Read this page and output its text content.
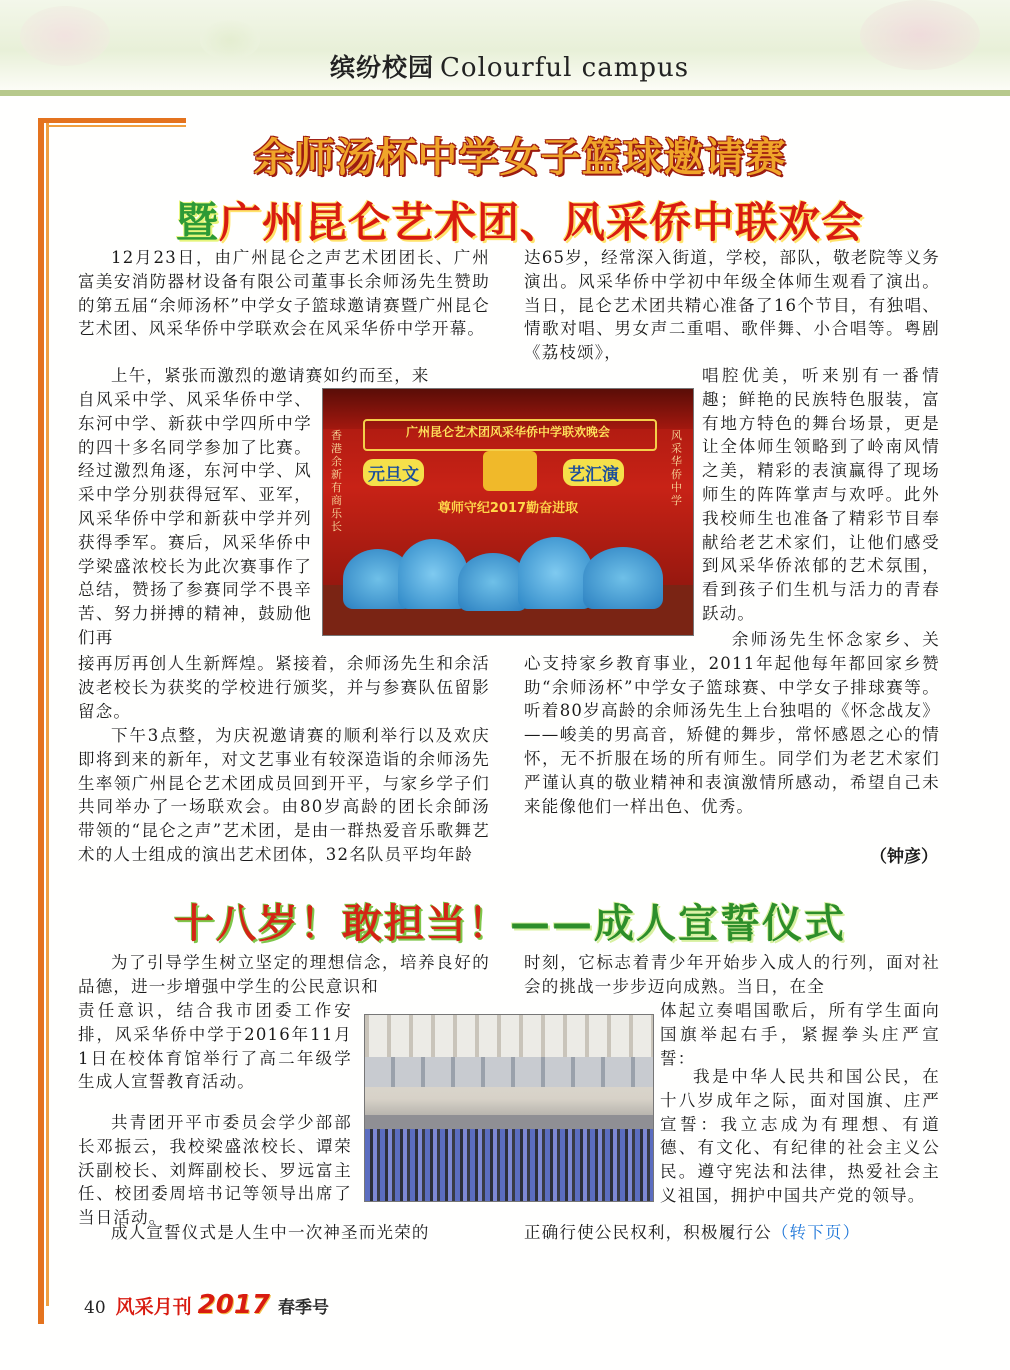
缤纷校园 Colourful campus
余师汤杯中学女子篮球邀请赛
暨广州昆仑艺术团、风采侨中联欢会

12月23日，由广州昆仑之声艺术团团长、广州富美安消防器材设备有限公司董事长余师汤先生赞助的第五届“余师汤杯”中学女子篮球邀请赛暨广州昆仑艺术团、风采华侨中学联欢会在风采华侨中学开幕。

上午，紧张而激烈的邀请赛如约而至，来

自风采中学、风采华侨中学、东河中学、新荻中学四所中学的四十多名同学参加了比赛。经过激烈角逐，东河中学、风采中学分别获得冠军、亚军，风采华侨中学和新荻中学并列获得季军。赛后，风采华侨中学梁盛浓校长为此次赛事作了总结，赞扬了参赛同学不畏辛苦、努力拼搏的精神，鼓励他们再

接再厉再创人生新辉煌。紧接着，余师汤先生和余活波老校长为获奖的学校进行颁奖，并与参赛队伍留影留念。

下午3点整，为庆祝邀请赛的顺利举行以及欢庆即将到来的新年，对文艺事业有较深造诣的余师汤先生率领广州昆仑艺术团成员回到开平，与家乡学子们共同举办了一场联欢会。由80岁高龄的团长余師汤带领的“昆仑之声”艺术团，是由一群热爱音乐歌舞艺术的人士组成的演出艺术团体，32名队员平均年龄

达65岁，经常深入街道，学校，部队，敬老院等义务演出。风采华侨中学初中年级全体师生观看了演出。当日，昆仑艺术团共精心准备了16个节目，有独唱、情歌对唱、男女声二重唱、歌伴舞、小合唱等。粤剧《荔枝颂》，

唱腔优美，听来别有一番情趣；鲜艳的民族特色服装，富有地方特色的舞台场景，更是让全体师生领略到了岭南风情之美，精彩的表演赢得了现场师生的阵阵掌声与欢呼。此外我校师生也准备了精彩节目奉献给老艺术家们，让他们感受到风采华侨浓郁的艺术氛围，看到孩子们生机与活力的青春跃动。

余师汤先生怀念家乡、关心支持家乡教育事业，2011年起他每年都回家乡赞助“余师汤杯”中学女子篮球赛、中学女子排球赛等。听着80岁高龄的余师汤先生上台独唱的《怀念战友》——峻美的男高音，矫健的舞步，常怀感恩之心的情怀，无不折服在场的所有师生。同学们为老艺术家们严谨认真的敬业精神和表演激情所感动，希望自己未来能像他们一样出色、优秀。

（钟彦）
广州昆仑艺术团风采华侨中学联欢晚会
元旦文	艺汇演
尊师守纪2017勤奋进取
香港余新有商乐长
风采华侨中学
十八岁！敢担当！——成人宣誓仪式

为了引导学生树立坚定的理想信念，培养良好的品德，进一步增强中学生的公民意识和

责任意识，结合我市团委工作安排，风采华侨中学于2016年11月1日在校体育馆举行了高二年级学生成人宣誓教育活动。

共青团开平市委员会学少部部长邓振云，我校梁盛浓校长、谭荣沃副校长、刘辉副校长、罗远富主任、校团委周培书记等领导出席了当日活动。

成人宣誓仪式是人生中一次神圣而光荣的

时刻，它标志着青少年开始步入成人的行列，面对社会的挑战一步步迈向成熟。当日，在全

体起立奏唱国歌后，所有学生面向国旗举起右手，紧握拳头庄严宣誓：

我是中华人民共和国公民，在十八岁成年之际，面对国旗、庄严宣誓：我立志成为有理想、有道德、有文化、有纪律的社会主义公民。遵守宪法和法律，热爱社会主义祖国，拥护中国共产党的领导。

正确行使公民权利，积极履行公（转下页）

40 风采月刊 2017 春季号
